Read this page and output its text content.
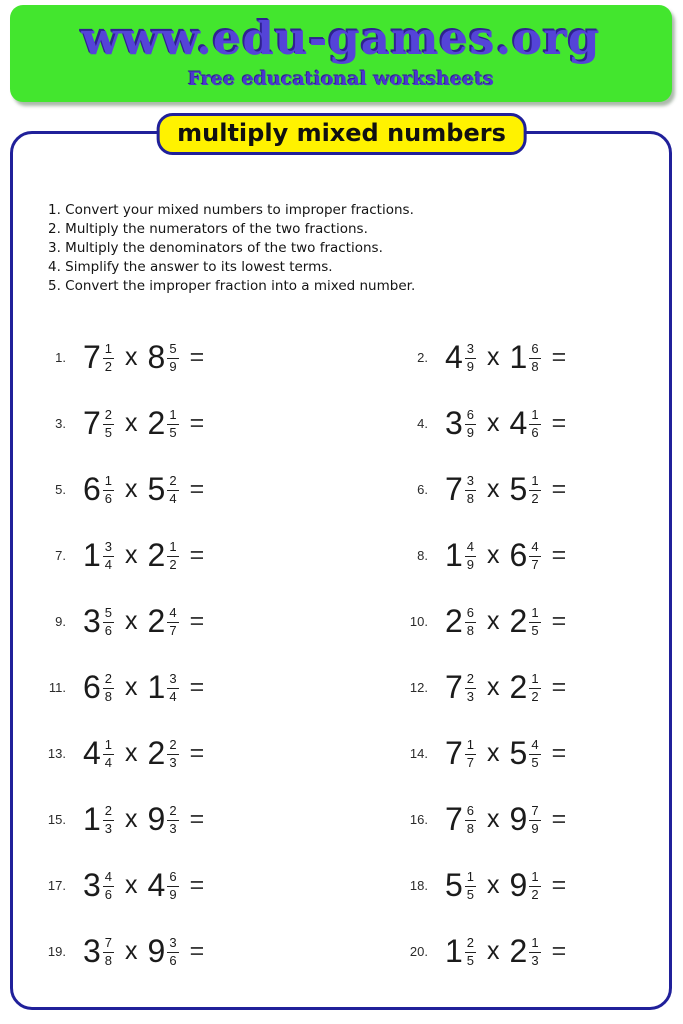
www.edu-games.org
Free educational worksheets
multiply mixed numbers
1. Convert your mixed numbers to improper fractions.
2. Multiply the numerators of the two fractions.
3. Multiply the denominators of the two fractions.
4. Simplify the answer to its lowest terms.
5. Convert the improper fraction into a mixed number.
1. $7 \frac{1}{2}$ x $8 \frac{5}{9}$ =	2. $4 \frac{3}{9}$ x $1 \frac{6}{8}$ =
3. $7 \frac{2}{5}$ x $2 \frac{1}{5}$ =	4. $3 \frac{6}{9}$ x $4 \frac{1}{6}$ =
5. $6 \frac{1}{6}$ x $5 \frac{2}{4}$ =	6. $7 \frac{3}{8}$ x $5 \frac{1}{2}$ =
7. $1 \frac{3}{4}$ x $2 \frac{1}{2}$ =	8. $1 \frac{4}{9}$ x $6 \frac{4}{7}$ =
9. $3 \frac{5}{6}$ x $2 \frac{4}{7}$ =	10. $2 \frac{6}{8}$ x $2 \frac{1}{5}$ =
11. $6 \frac{2}{8}$ x $1 \frac{3}{4}$ =	12. $7 \frac{2}{3}$ x $2 \frac{1}{2}$ =
13. $4 \frac{1}{4}$ x $2 \frac{2}{3}$ =	14. $7 \frac{1}{7}$ x $5 \frac{4}{5}$ =
15. $1 \frac{2}{3}$ x $9 \frac{2}{3}$ =	16. $7 \frac{6}{8}$ x $9 \frac{7}{9}$ =
17. $3 \frac{4}{6}$ x $4 \frac{6}{9}$ =	18. $5 \frac{1}{5}$ x $9 \frac{1}{2}$ =
19. $3 \frac{7}{8}$ x $9 \frac{3}{6}$ =	20. $1 \frac{2}{5}$ x $2 \frac{1}{3}$ =
